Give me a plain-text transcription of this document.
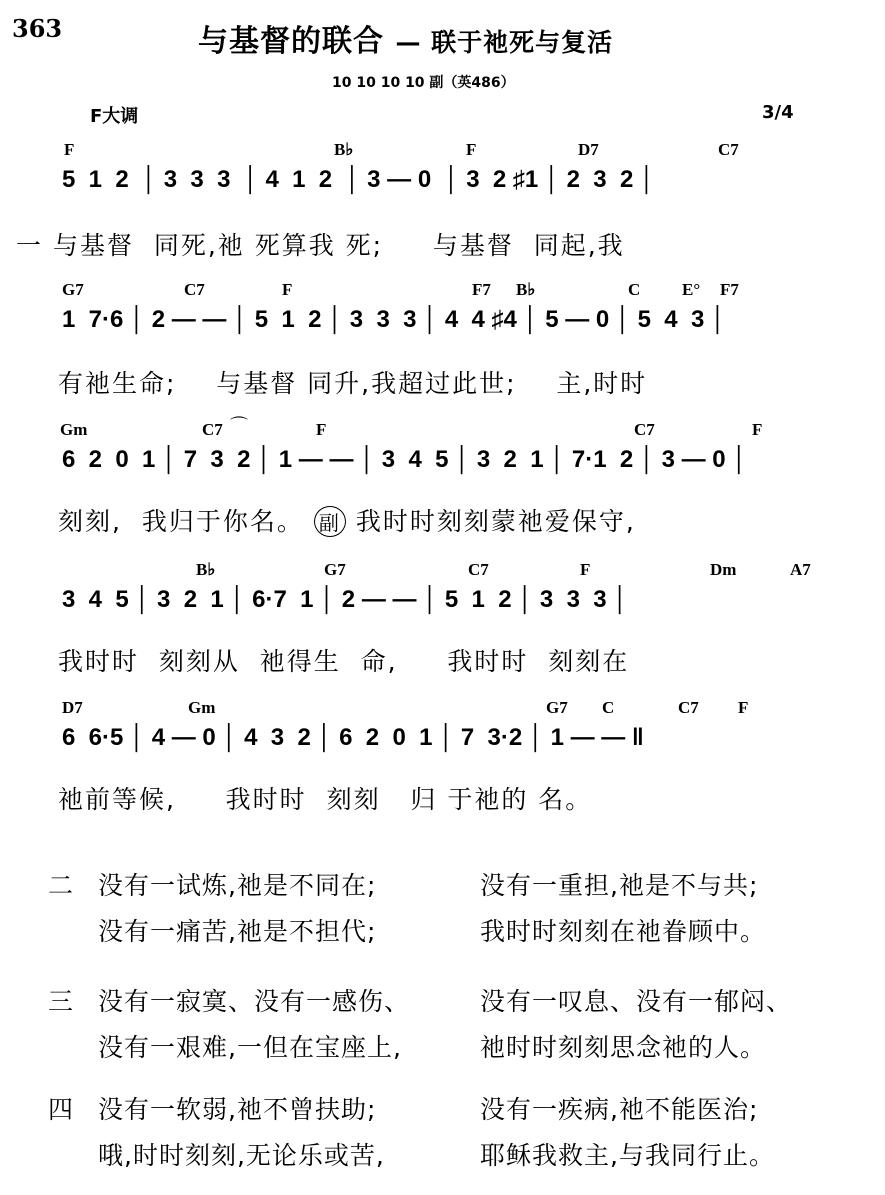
363	与基督的联合 — 联于祂死与复活
10 10 10 10 副（英486）
F大调	3/4
F	B♭	F	D7	C7
5  1  2  │ 3  3  3  │ 4  1  2  │ 3 — 0  │ 3  2 ♯1 │ 2  3  2 │
一 与基督  同死,祂 死算我 死;     与基督  同起,我
G7	C7	F	F7 B♭	C E° F7
1  7·6 │ 2 — — │ 5  1  2 │ 3  3  3 │ 4  4 ♯4 │ 5 — 0 │ 5  4  3 │
有祂生命;    与基督 同升,我超过此世;    主,时时
Gm	C7	F	C7	F
6  2  0  1 │ 7  3  2 │ 1 — — │ 3  4  5 │ 3  2  1 │ 7·1  2 │ 3 — 0 │
刻刻,  我归于你名。 副 我时时刻刻蒙祂爱保守,
B♭	G7	C7	F	Dm	A7
3  4  5 │ 3  2  1 │ 6·7  1 │ 2 — — │ 5  1  2 │ 3  3  3 │
我时时  刻刻从  祂得生  命,     我时时  刻刻在
D7	Gm	G7 C	C7 F
6  6·5 │ 4 — 0 │ 4  3  2 │ 6  2  0  1 │ 7  3·2 │ 1 — — ‖
祂前等候,     我时时  刻刻   归 于祂的 名。
⌒
二 没有一试炼,祂是不同在;	没有一重担,祂是不与共;
没有一痛苦,祂是不担代;	我时时刻刻在祂眷顾中。
三 没有一寂寞、没有一感伤、	没有一叹息、没有一郁闷、
没有一艰难,一但在宝座上,	祂时时刻刻思念祂的人。
四 没有一软弱,祂不曾扶助;	没有一疾病,祂不能医治;
哦,时时刻刻,无论乐或苦,	耶稣我救主,与我同行止。
